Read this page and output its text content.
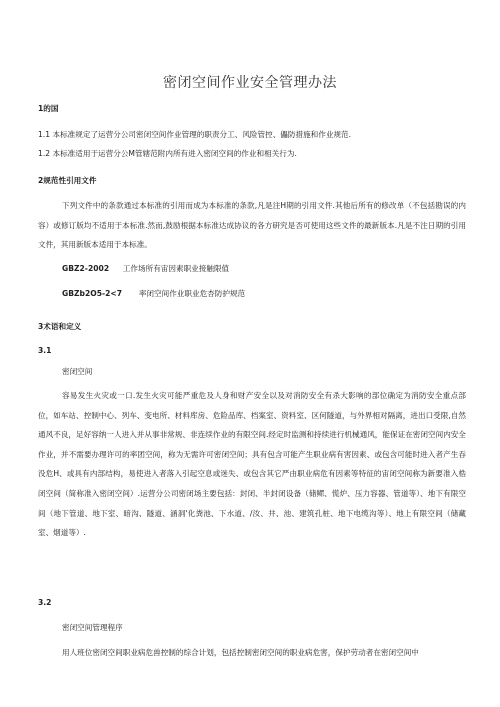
密闭空间作业安全管理办法
1的国
1.1 本标准规定了运营分公司密闭空间作业管理的职责分工、风险管控、儡防措施和作业规范.
1.2 本标准适用于运营分公M管辖范附内所有进入密闭空间的作业和相关行为.
2规范性引用文件
下列文件中的条款通过本标准的引用而成为本标准的条款,凡是注H期的引用文件.其他后所有的修改单（不包括勘误的内容）或修订版均不适用于本标准.然而,鼓励根据本标准达成协议的各方研究是否可使用这些文件的最新版本.凡是不注日期的引用文件，其用新版本适用于本标准。
GBZ2-2002 工作场所有宙因素职业接触限值
GBZb2O5-2<7 率闭空间作业职业危杏防护规范
3术语和定义
3.1
密闭空间
容易发生火灾或一口.发生火灾可能严重危及人身和财产安全以及对消防安全有杀大影响的部位确定为消防安全重点部位，如车站、控制中心、列车、变电所、材料库房、危险品库、档案室、资料室、区何隧道，与外界相对隔离，进出口受限,自然通风不良，足好容纳一人进入并从事非常规、非连续作业的有限空间.经定时监测和持续进行机械通风，能保证在密闭空间内安全作业，并不需要办理许可的率团空间，称为无需许可密闭空间；具有包含可能产生职业病有害因素、或包含可能时进入者产生吞没危H、或具有内部结构，易使进入者落入引起空息或迷失、或包含其它严由职业病危有因素等特征的宙闭空间称为新要准入梏闭空间（简称准入密闭空间）.运营分公司密闭场主要包括：封闭、半封闭设备（储鳏、慌炉、压力容器、管道等）、地下有限空间（地下管道、地下室、暗沟、隧道、涵洞'化粪池、下水道、/汝、井、池、建筑孔桩、地下电缆沟等）、地上有限空间（储藏室、烟道等）.
3.2
密闭空间管理程序
用人班位密闭空间职业病危兽控制的综合计划，包括控制密闭空间的职业病危害，保护劳动者在密闭空间中
